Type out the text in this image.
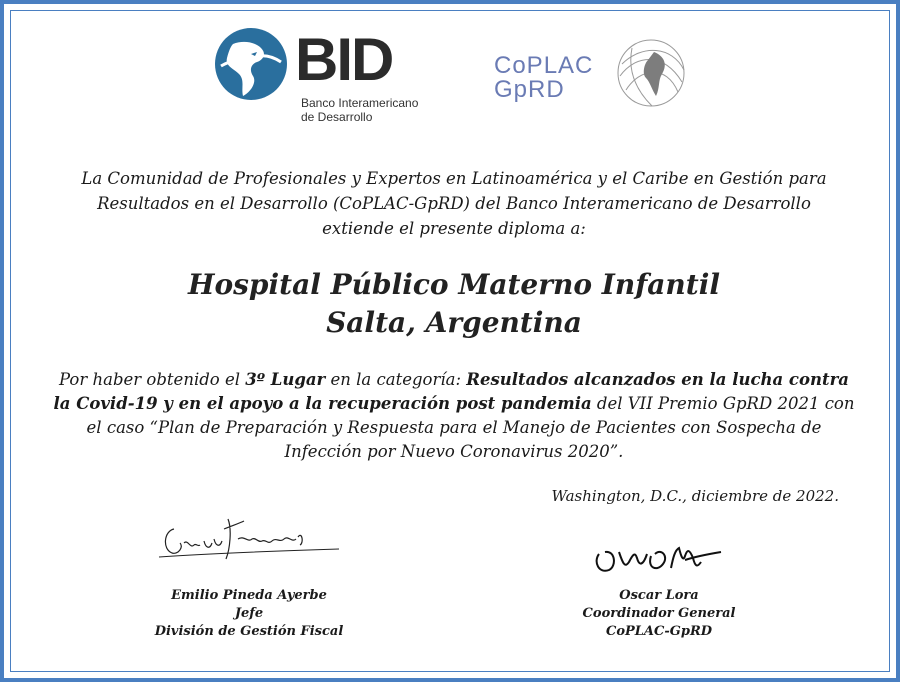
BID
Banco Interamericano
de Desarrollo
CoPLAC
GpRD
La Comunidad de Profesionales y Expertos en Latinoamérica y el Caribe en Gestión para
Resultados en el Desarrollo (CoPLAC-GpRD) del Banco Interamericano de Desarrollo
extiende el presente diploma a:
Hospital Público Materno Infantil
Salta, Argentina
Por haber obtenido el 3º Lugar en la categoría: Resultados alcanzados en la lucha contra la Covid-19 y en el apoyo a la recuperación post pandemia del VII Premio GpRD 2021 con el caso “Plan de Preparación y Respuesta para el Manejo de Pacientes con Sospecha de Infección por Nuevo Coronavirus 2020”.
Washington, D.C., diciembre de 2022.
Emilio Pineda Ayerbe
Jefe
División de Gestión Fiscal
Oscar Lora
Coordinador General
CoPLAC-GpRD
